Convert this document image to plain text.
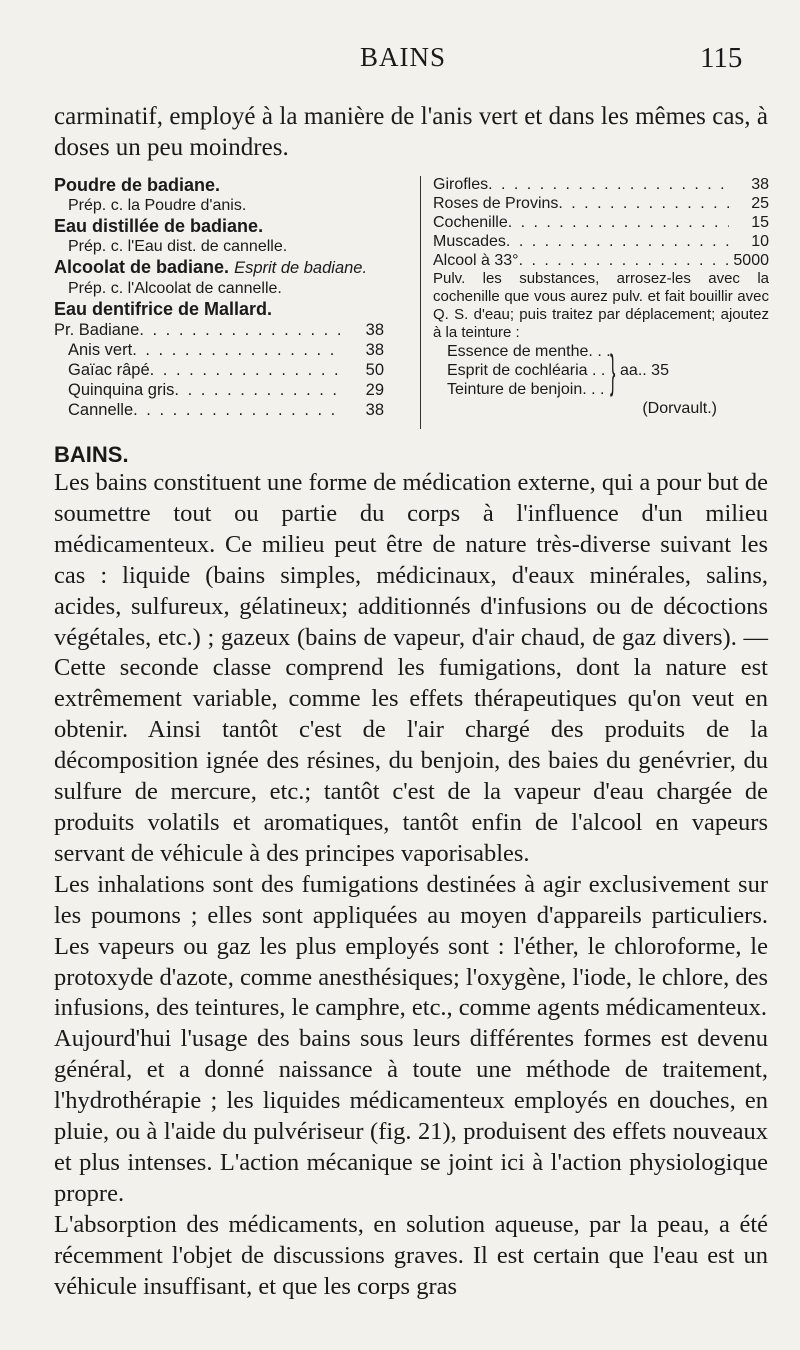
BAINS	115

carminatif, employé à la manière de l'anis vert et dans les mêmes cas, à doses un peu moindres.

Poudre de badiane.
Prép. c. la Poudre d'anis.
Eau distillée de badiane.
Prép. c. l'Eau dist. de cannelle.
Alcoolat de badiane. Esprit de badiane.
Prép. c. l'Alcoolat de cannelle.
Eau dentifrice de Mallard.
Pr. Badiane . . .	38
Anis vert . . .	38
Gaïac râpé . . .	50
Quinquina gris . . .	29
Cannelle . . .	38
Girofles . . .	38
Roses de Provins . . .	25
Cochenille . . .	15
Muscades . . .	10
Alcool à 33° . . .	5000
Pulv. les substances, arrosez-les avec la cochenille que vous aurez pulv. et fait bouillir avec Q. S. d'eau; puis traitez par déplacement; ajoutez à la teinture :
Essence de menthe. . .
Esprit de cochléaria . .
Teinture de benjoin. . . } aa.. 35
(Dorvault.)
BAINS.

Les bains constituent une forme de médication externe, qui a pour but de soumettre tout ou partie du corps à l'influence d'un milieu médicamenteux. Ce milieu peut être de nature très-diverse suivant les cas : liquide (bains simples, médicinaux, d'eaux minérales, salins, acides, sulfureux, gélatineux; additionnés d'infusions ou de décoctions végétales, etc.) ; gazeux (bains de vapeur, d'air chaud, de gaz divers). — Cette seconde classe comprend les fumigations, dont la nature est extrêmement variable, comme les effets thérapeutiques qu'on veut en obtenir. Ainsi tantôt c'est de l'air chargé des produits de la décomposition ignée des résines, du benjoin, des baies du genévrier, du sulfure de mercure, etc.; tantôt c'est de la vapeur d'eau chargée de produits volatils et aromatiques, tantôt enfin de l'alcool en vapeurs servant de véhicule à des principes vaporisables.

Les inhalations sont des fumigations destinées à agir exclusivement sur les poumons ; elles sont appliquées au moyen d'appareils particuliers. Les vapeurs ou gaz les plus employés sont : l'éther, le chloroforme, le protoxyde d'azote, comme anesthésiques; l'oxygène, l'iode, le chlore, des infusions, des teintures, le camphre, etc., comme agents médicamenteux.

Aujourd'hui l'usage des bains sous leurs différentes formes est devenu général, et a donné naissance à toute une méthode de traitement, l'hydrothérapie ; les liquides médicamenteux employés en douches, en pluie, ou à l'aide du pulvériseur (fig. 21), produisent des effets nouveaux et plus intenses. L'action mécanique se joint ici à l'action physiologique propre.

L'absorption des médicaments, en solution aqueuse, par la peau, a été récemment l'objet de discussions graves. Il est certain que l'eau est un véhicule insuffisant, et que les corps gras
